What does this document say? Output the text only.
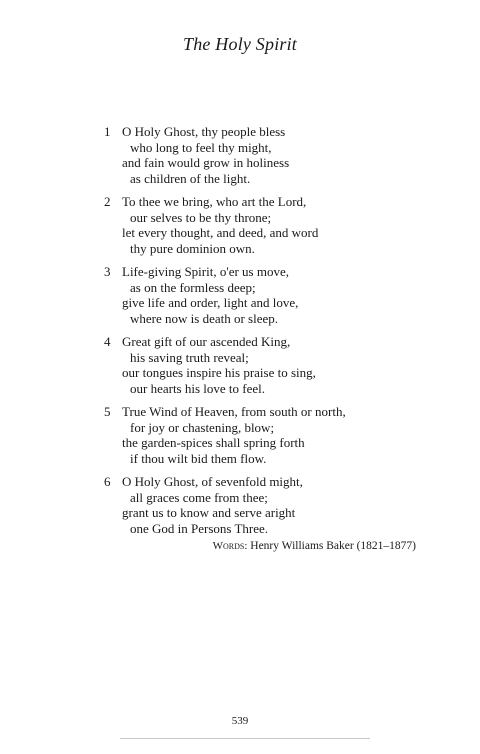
The Holy Spirit
1 O Holy Ghost, thy people bless
who long to feel thy might,
and fain would grow in holiness
as children of the light.
2 To thee we bring, who art the Lord,
our selves to be thy throne;
let every thought, and deed, and word
thy pure dominion own.
3 Life-giving Spirit, o'er us move,
as on the formless deep;
give life and order, light and love,
where now is death or sleep.
4 Great gift of our ascended King,
his saving truth reveal;
our tongues inspire his praise to sing,
our hearts his love to feel.
5 True Wind of Heaven, from south or north,
for joy or chastening, blow;
the garden-spices shall spring forth
if thou wilt bid them flow.
6 O Holy Ghost, of sevenfold might,
all graces come from thee;
grant us to know and serve aright
one God in Persons Three.
Words: Henry Williams Baker (1821–1877)
539
